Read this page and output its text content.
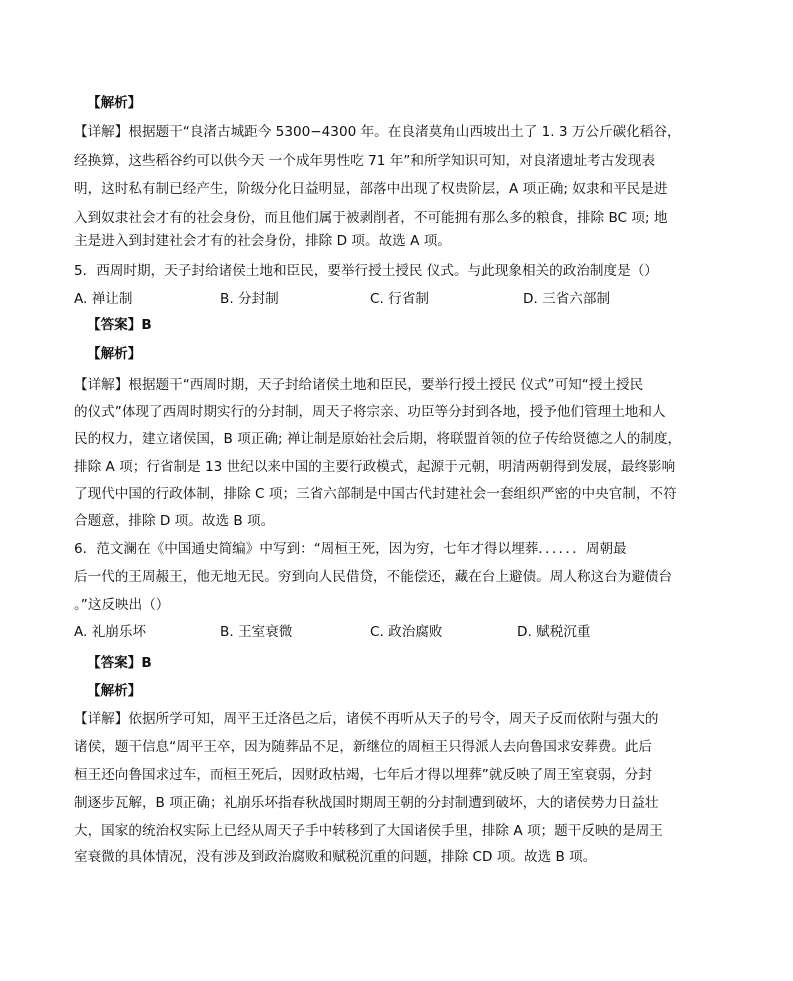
【解析】
【详解】根据题干“良渚古城距今 5300−4300 年。在良渚莫角山西坡出土了 1. 3 万公斤碳化稻谷，
经换算，这些稻谷约可以供今天 一个成年男性吃 71 年”和所学知识可知，对良渚遗址考古发现表
明，这时私有制已经产生，阶级分化日益明显，部落中出现了权贵阶层，A 项正确; 奴隶和平民是进
入到奴隶社会才有的社会身份，而且他们属于被剥削者，不可能拥有那么多的粮食，排除 BC 项; 地
主是进入到封建社会才有的社会身份，排除 D 项。故选 A 项。
5．西周时期，天子封给诸侯土地和臣民，要举行授土授民 仪式。与此现象相关的政治制度是（）
A. 禅让制	B. 分封制	C. 行省制	D. 三省六部制
【答案】B
【解析】
【详解】根据题干“西周时期，天子封给诸侯土地和臣民，要举行授土授民 仪式”可知“授土授民
的仪式”体现了西周时期实行的分封制，周天子将宗亲、功臣等分封到各地，授予他们管理土地和人
民的权力，建立诸侯国，B 项正确; 禅让制是原始社会后期，将联盟首领的位子传给贤德之人的制度，
排除 A 项；行省制是 13 世纪以来中国的主要行政模式，起源于元朝，明清两朝得到发展，最终影响
了现代中国的行政体制，排除 C 项；三省六部制是中国古代封建社会一套组织严密的中央官制，不符
合题意，排除 D 项。故选 B 项。
6．范文澜在《中国通史简编》中写到：“周桓王死，因为穷，七年才得以埋葬．．．．．．周朝最
后一代的王周赧王，他无地无民。穷到向人民借贷，不能偿还，藏在台上避债。周人称这台为避债台
。”这反映出（）
A. 礼崩乐坏	B. 王室衰微	C. 政治腐败	D. 赋税沉重
【答案】B
【解析】
【详解】依据所学可知，周平王迁洛邑之后，诸侯不再听从天子的号令，周天子反而依附与强大的
诸侯，题干信息“周平王卒，因为随葬品不足，新继位的周桓王只得派人去向鲁国求安葬费。此后
桓王还向鲁国求过车，而桓王死后，因财政枯竭，七年后才得以埋葬”就反映了周王室衰弱，分封
制逐步瓦解，B 项正确；礼崩乐坏指春秋战国时期周王朝的分封制遭到破坏，大的诸侯势力日益壮
大，国家的统治权实际上已经从周天子手中转移到了大国诸侯手里，排除 A 项；题干反映的是周王
室衰微的具体情况，没有涉及到政治腐败和赋税沉重的问题，排除 CD 项。故选 B 项。
